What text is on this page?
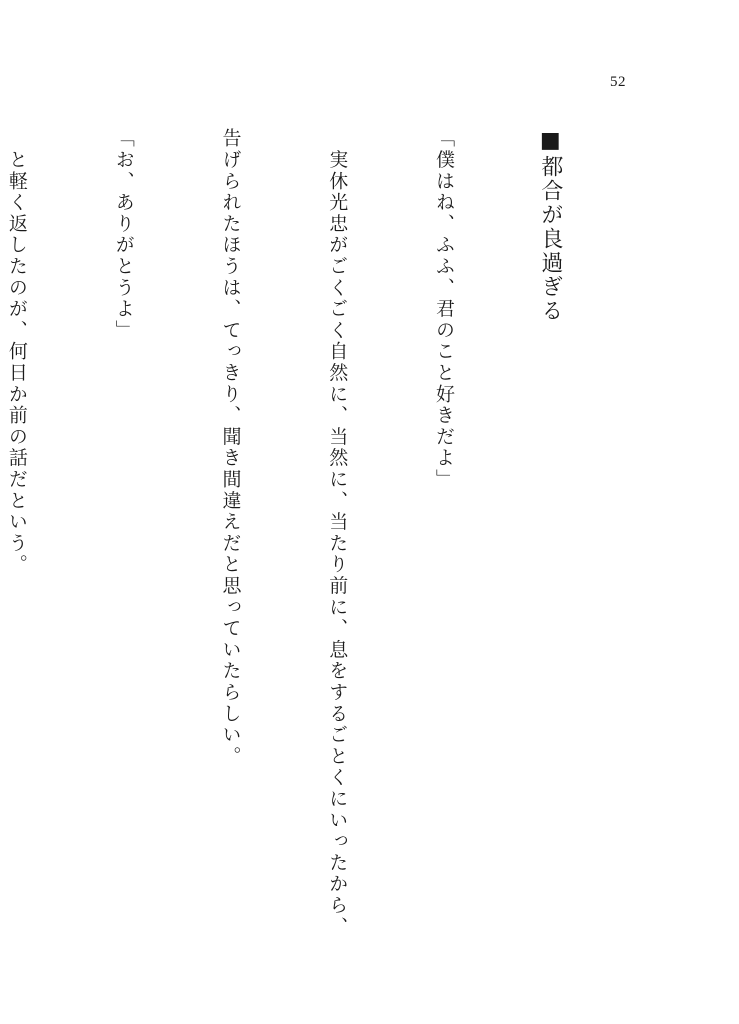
52

■都合が良過ぎる

「僕はね、ふふ、君のこと好きだよ」

　実休光忠がごくごく自然に、当然に、当たり前に、息をするごとくにいったから、

告げられたほうは、てっきり、聞き間違えだと思っていたらしい。

「お、ありがとうよ」

　と軽く返したのが、何日か前の話だという。
